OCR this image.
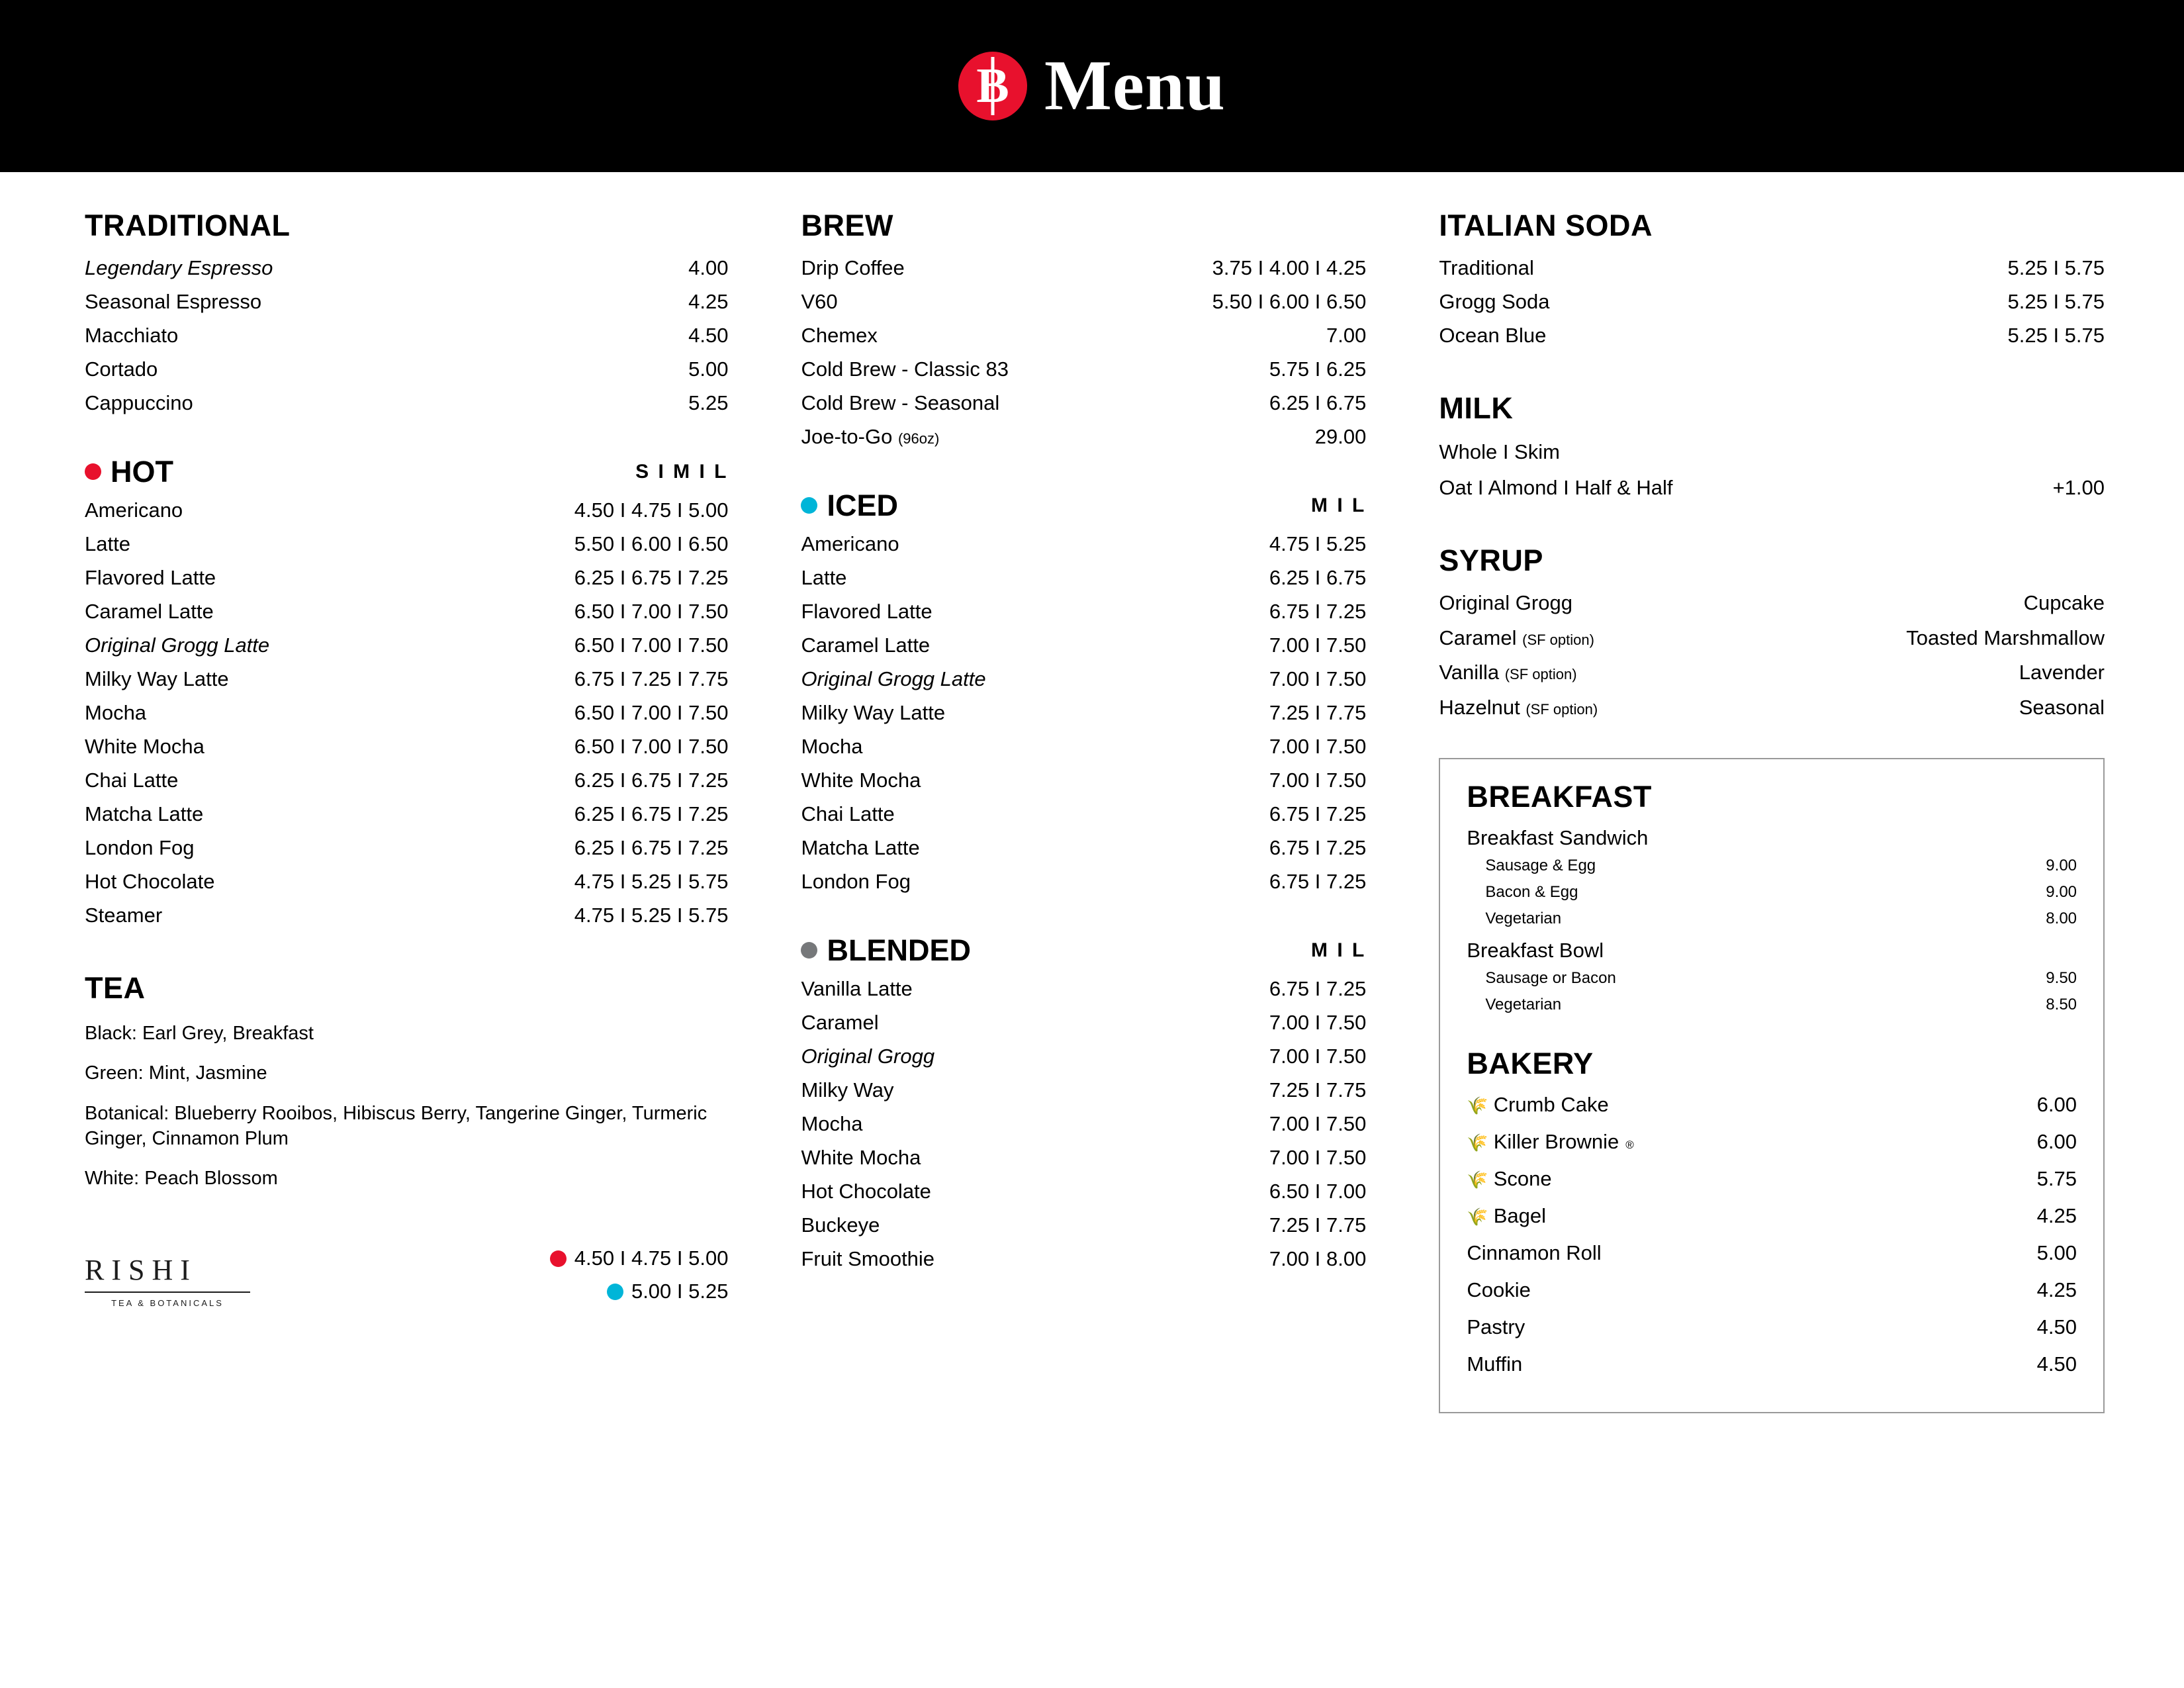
B Menu
TRADITIONAL
Legendary Espresso	4.00
Seasonal Espresso	4.25
Macchiato	4.50
Cortado	5.00
Cappuccino	5.25
HOT	S I M I L
Americano	4.50 I 4.75 I 5.00
Latte	5.50 I 6.00 I 6.50
Flavored Latte	6.25 I 6.75 I 7.25
Caramel Latte	6.50 I 7.00 I 7.50
Original Grogg Latte	6.50 I 7.00 I 7.50
Milky Way Latte	6.75 I 7.25 I 7.75
Mocha	6.50 I 7.00 I 7.50
White Mocha	6.50 I 7.00 I 7.50
Chai Latte	6.25 I 6.75 I 7.25
Matcha Latte	6.25 I 6.75 I 7.25
London Fog	6.25 I 6.75 I 7.25
Hot Chocolate	4.75 I 5.25 I 5.75
Steamer	4.75 I 5.25 I 5.75
TEA
Black: Earl Grey, Breakfast
Green: Mint, Jasmine
Botanical: Blueberry Rooibos, Hibiscus Berry, Tangerine Ginger, Turmeric Ginger, Cinnamon Plum
White: Peach Blossom
RISHI
TEA & BOTANICALS
4.50 I 4.75 I 5.00
5.00 I 5.25
BREW
Drip Coffee	3.75 I 4.00 I 4.25
V60	5.50 I 6.00 I 6.50
Chemex	7.00
Cold Brew - Classic 83	5.75 I 6.25
Cold Brew - Seasonal	6.25 I 6.75
Joe-to-Go (96oz)	29.00
ICED	M I L
Americano	4.75 I 5.25
Latte	6.25 I 6.75
Flavored Latte	6.75 I 7.25
Caramel Latte	7.00 I 7.50
Original Grogg Latte	7.00 I 7.50
Milky Way Latte	7.25 I 7.75
Mocha	7.00 I 7.50
White Mocha	7.00 I 7.50
Chai Latte	6.75 I 7.25
Matcha Latte	6.75 I 7.25
London Fog	6.75 I 7.25
BLENDED	M I L
Vanilla Latte	6.75 I 7.25
Caramel	7.00 I 7.50
Original Grogg	7.00 I 7.50
Milky Way	7.25 I 7.75
Mocha	7.00 I 7.50
White Mocha	7.00 I 7.50
Hot Chocolate	6.50 I 7.00
Buckeye	7.25 I 7.75
Fruit Smoothie	7.00 I 8.00
ITALIAN SODA
Traditional	5.25 I 5.75
Grogg Soda	5.25 I 5.75
Ocean Blue	5.25 I 5.75
MILK
Whole I Skim
Oat I Almond I Half & Half	+1.00
SYRUP
Original Grogg	Cupcake
Caramel (SF option)	Toasted Marshmallow
Vanilla (SF option)	Lavender
Hazelnut (SF option)	Seasonal
BREAKFAST
Breakfast Sandwich
Sausage & Egg	9.00
Bacon & Egg	9.00
Vegetarian	8.00
Breakfast Bowl
Sausage or Bacon	9.50
Vegetarian	8.50
BAKERY
🌾 Crumb Cake	6.00
🌾 Killer Brownie ®	6.00
🌾 Scone	5.75
🌾 Bagel	4.25
Cinnamon Roll	5.00
Cookie	4.25
Pastry	4.50
Muffin	4.50
